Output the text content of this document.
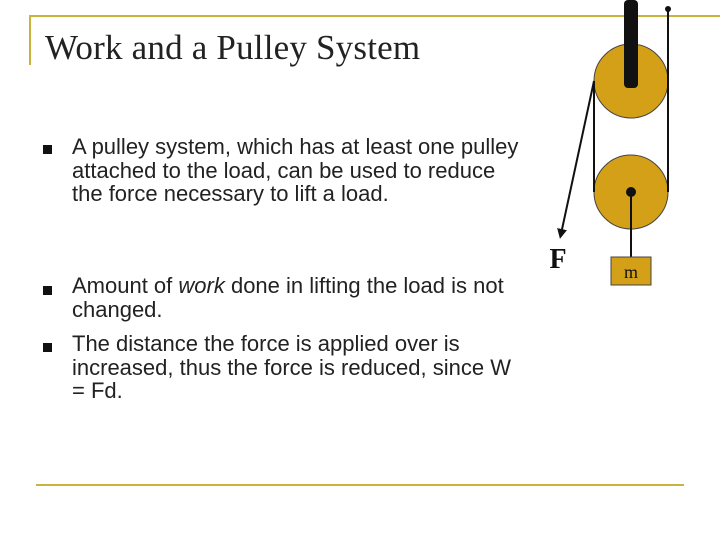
Work and a Pulley System
A pulley system, which has at least one pulley attached to the load, can be used to reduce the force necessary to lift a load.
Amount of work done in lifting the load is not changed.
The distance the force is applied over is increased, thus the force is reduced, since W = Fd.
m
F
